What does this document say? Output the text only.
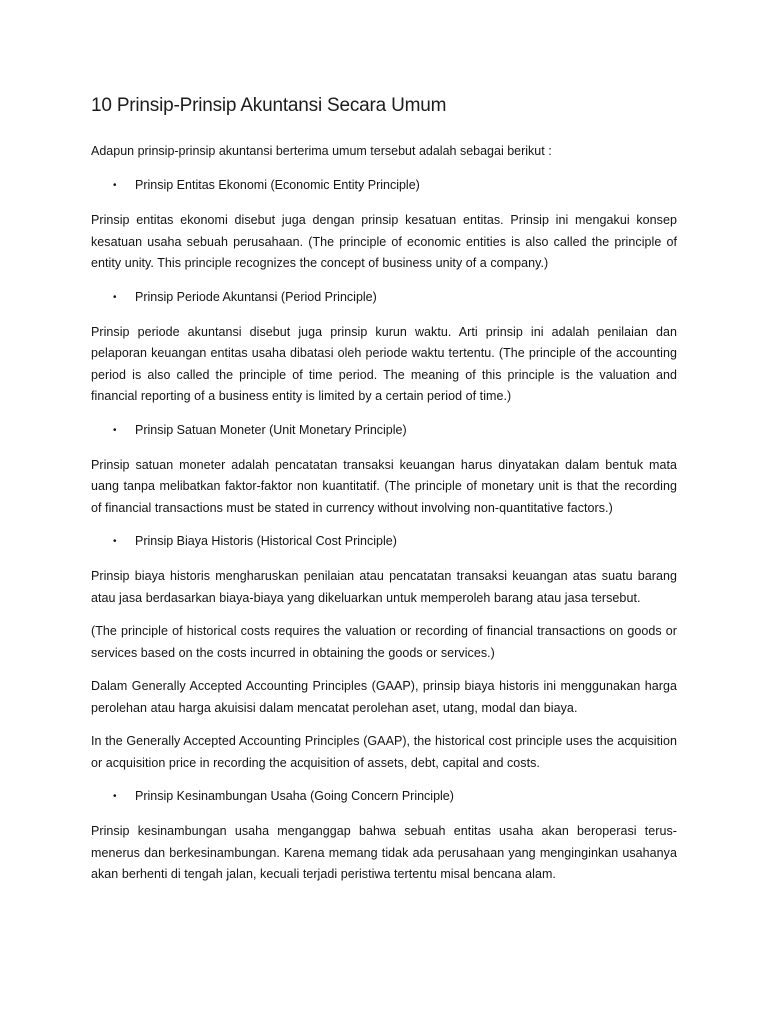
10 Prinsip-Prinsip Akuntansi Secara Umum

Adapun prinsip-prinsip akuntansi berterima umum tersebut adalah sebagai berikut :

•	Prinsip Entitas Ekonomi (Economic Entity Principle)

Prinsip entitas ekonomi disebut juga dengan prinsip kesatuan entitas. Prinsip ini mengakui konsep kesatuan usaha sebuah perusahaan. (The principle of economic entities is also called the principle of entity unity. This principle recognizes the concept of business unity of a company.)

•	Prinsip Periode Akuntansi (Period Principle)

Prinsip periode akuntansi disebut juga prinsip kurun waktu. Arti prinsip ini adalah penilaian dan pelaporan keuangan entitas usaha dibatasi oleh periode waktu tertentu. (The principle of the accounting period is also called the principle of time period. The meaning of this principle is the valuation and financial reporting of a business entity is limited by a certain period of time.)

•	Prinsip Satuan Moneter (Unit Monetary Principle)

Prinsip satuan moneter adalah pencatatan transaksi keuangan harus dinyatakan dalam bentuk mata uang tanpa melibatkan faktor-faktor non kuantitatif. (The principle of monetary unit is that the recording of financial transactions must be stated in currency without involving non-quantitative factors.)

•	Prinsip Biaya Historis (Historical Cost Principle)

Prinsip biaya historis mengharuskan penilaian atau pencatatan transaksi keuangan atas suatu barang atau jasa berdasarkan biaya-biaya yang dikeluarkan untuk memperoleh barang atau jasa tersebut.

(The principle of historical costs requires the valuation or recording of financial transactions on goods or services based on the costs incurred in obtaining the goods or services.)

Dalam Generally Accepted Accounting Principles (GAAP), prinsip biaya historis ini menggunakan harga perolehan atau harga akuisisi dalam mencatat perolehan aset, utang, modal dan biaya.

In the Generally Accepted Accounting Principles (GAAP), the historical cost principle uses the acquisition or acquisition price in recording the acquisition of assets, debt, capital and costs.

•	Prinsip Kesinambungan Usaha (Going Concern Principle)

Prinsip kesinambungan usaha menganggap bahwa sebuah entitas usaha akan beroperasi terus-menerus dan berkesinambungan. Karena memang tidak ada perusahaan yang menginginkan usahanya akan berhenti di tengah jalan, kecuali terjadi peristiwa tertentu misal bencana alam.
